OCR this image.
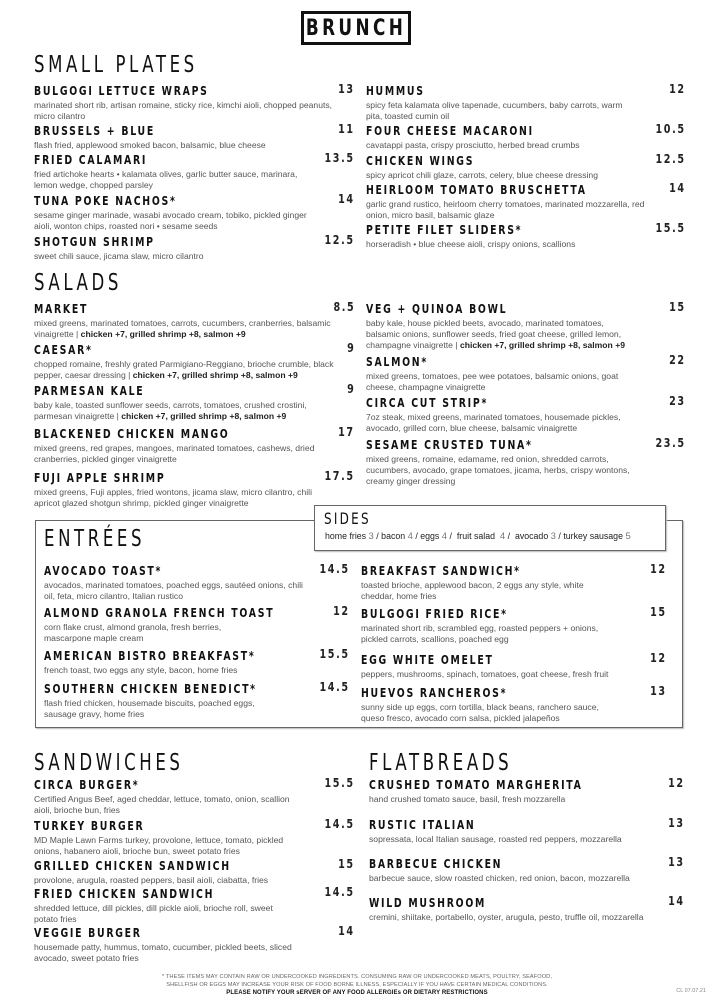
BRUNCH
SMALL PLATES
BULGOGI LETTUCE WRAPS	13
marinated short rib, artisan romaine, sticky rice, kimchi aioli, chopped peanuts, micro cilantro
BRUSSELS + BLUE	11
flash fried, applewood smoked bacon, balsamic, blue cheese
FRIED CALAMARI	13.5
fried artichoke hearts • kalamata olives, garlic butter sauce, marinara, lemon wedge, chopped parsley
TUNA POKE NACHOS*	14
sesame ginger marinade, wasabi avocado cream, tobiko, pickled ginger aioli, wonton chips, roasted nori • sesame seeds
SHOTGUN SHRIMP	12.5
sweet chili sauce, jicama slaw, micro cilantro
HUMMUS	12
spicy feta kalamata olive tapenade, cucumbers, baby carrots, warm pita, toasted cumin oil
FOUR CHEESE MACARONI	10.5
cavatappi pasta, crispy prosciutto, herbed bread crumbs
CHICKEN WINGS	12.5
spicy apricot chili glaze, carrots, celery, blue cheese dressing
HEIRLOOM TOMATO BRUSCHETTA	14
garlic grand rustico, heirloom cherry tomatoes, marinated mozzarella, red onion, micro basil, balsamic glaze
PETITE FILET SLIDERS*	15.5
horseradish • blue cheese aioli, crispy onions, scallions
SALADS
MARKET	8.5
mixed greens, marinated tomatoes, carrots, cucumbers, cranberries, balsamic vinaigrette | chicken +7, grilled shrimp +8, salmon +9
CAESAR*	9
chopped romaine, freshly grated Parmigiano-Reggiano, brioche crumble, black pepper, caesar dressing | chicken +7, grilled shrimp +8, salmon +9
PARMESAN KALE	9
baby kale, toasted sunflower seeds, carrots, tomatoes, crushed crostini, parmesan vinaigrette | chicken +7, grilled shrimp +8, salmon +9
BLACKENED CHICKEN MANGO	17
mixed greens, red grapes, mangoes, marinated tomatoes, cashews, dried cranberries, pickled ginger vinaigrette
FUJI APPLE SHRIMP	17.5
mixed greens, Fuji apples, fried wontons, jicama slaw, micro cilantro, chili apricot glazed shotgun shrimp, pickled ginger vinaigrette
VEG + QUINOA BOWL	15
baby kale, house pickled beets, avocado, marinated tomatoes, balsamic onions, sunflower seeds, fried goat cheese, grilled lemon, champagne vinaigrette | chicken +7, grilled shrimp +8, salmon +9
SALMON*	22
mixed greens, tomatoes, pee wee potatoes, balsamic onions, goat cheese, champagne vinaigrette
CIRCA CUT STRIP*	23
7oz steak, mixed greens, marinated tomatoes, housemade pickles, avocado, grilled corn, blue cheese, balsamic vinaigrette
SESAME CRUSTED TUNA*	23.5
mixed greens, romaine, edamame, red onion, shredded carrots, cucumbers, avocado, grape tomatoes, jicama, herbs, crispy wontons, creamy ginger dressing
ENTRÉES
AVOCADO TOAST*	14.5
avocados, marinated tomatoes, poached eggs, sautéed onions, chili oil, feta, micro cilantro, Italian rustico
ALMOND GRANOLA FRENCH TOAST	12
corn flake crust, almond granola, fresh berries, mascarpone maple cream
AMERICAN BISTRO BREAKFAST*	15.5
french toast, two eggs any style, bacon, home fries
SOUTHERN CHICKEN BENEDICT*	14.5
flash fried chicken, housemade biscuits, poached eggs, sausage gravy, home fries
BREAKFAST SANDWICH*	12
toasted brioche, applewood bacon, 2 eggs any style, white cheddar, home fries
BULGOGI FRIED RICE*	15
marinated short rib, scrambled egg, roasted peppers + onions, pickled carrots, scallions, poached egg
EGG WHITE OMELET	12
peppers, mushrooms, spinach, tomatoes, goat cheese, fresh fruit
HUEVOS RANCHEROS*	13
sunny side up eggs, corn tortilla, black beans, ranchero sauce, queso fresco, avocado corn salsa, pickled jalapeños
SIDES
home fries 3 / bacon 4 / eggs 4 /  fruit salad 4 /  avocado 3 / turkey sausage 5
SANDWICHES
CIRCA BURGER*	15.5
Certified Angus Beef, aged cheddar, lettuce, tomato, onion, scallion aioli, brioche bun, fries
TURKEY BURGER	14.5
MD Maple Lawn Farms turkey, provolone, lettuce, tomato, pickled onions, habanero aioli, brioche bun, sweet potato fries
GRILLED CHICKEN SANDWICH	15
provolone, arugula, roasted peppers, basil aioli, ciabatta, fries
FRIED CHICKEN SANDWICH	14.5
shredded lettuce, dill pickles, dill pickle aioli, brioche roll, sweet potato fries
VEGGIE BURGER	14
housemade patty, hummus, tomato, cucumber, pickled beets, sliced avocado, sweet potato fries
FLATBREADS
CRUSHED TOMATO MARGHERITA	12
hand crushed tomato sauce, basil, fresh mozzarella
RUSTIC ITALIAN	13
sopressata, local Italian sausage, roasted red peppers, mozzarella
BARBECUE CHICKEN	13
barbecue sauce, slow roasted chicken, red onion, bacon, mozzarella
WILD MUSHROOM	14
cremini, shiitake, portabello, oyster, arugula, pesto, truffle oil, mozzarella
* THESE ITEMS MAY CONTAIN RAW OR UNDERCOOKED INGREDIENTS. CONSUMING RAW OR UNDERCOOKED MEATS, POULTRY, SEAFOOD,
SHELLFISH OR EGGS MAY INCREASE YOUR RISK OF FOOD BORNE ILLNESS, ESPECIALLY IF YOU HAVE CERTAIN MEDICAL CONDITIONS.
PLEASE NOTIFY YOUR sERVER OF ANY FOOD ALLERGIEs OR DIETARY RESTRICTIONS	CL 07.07.21
